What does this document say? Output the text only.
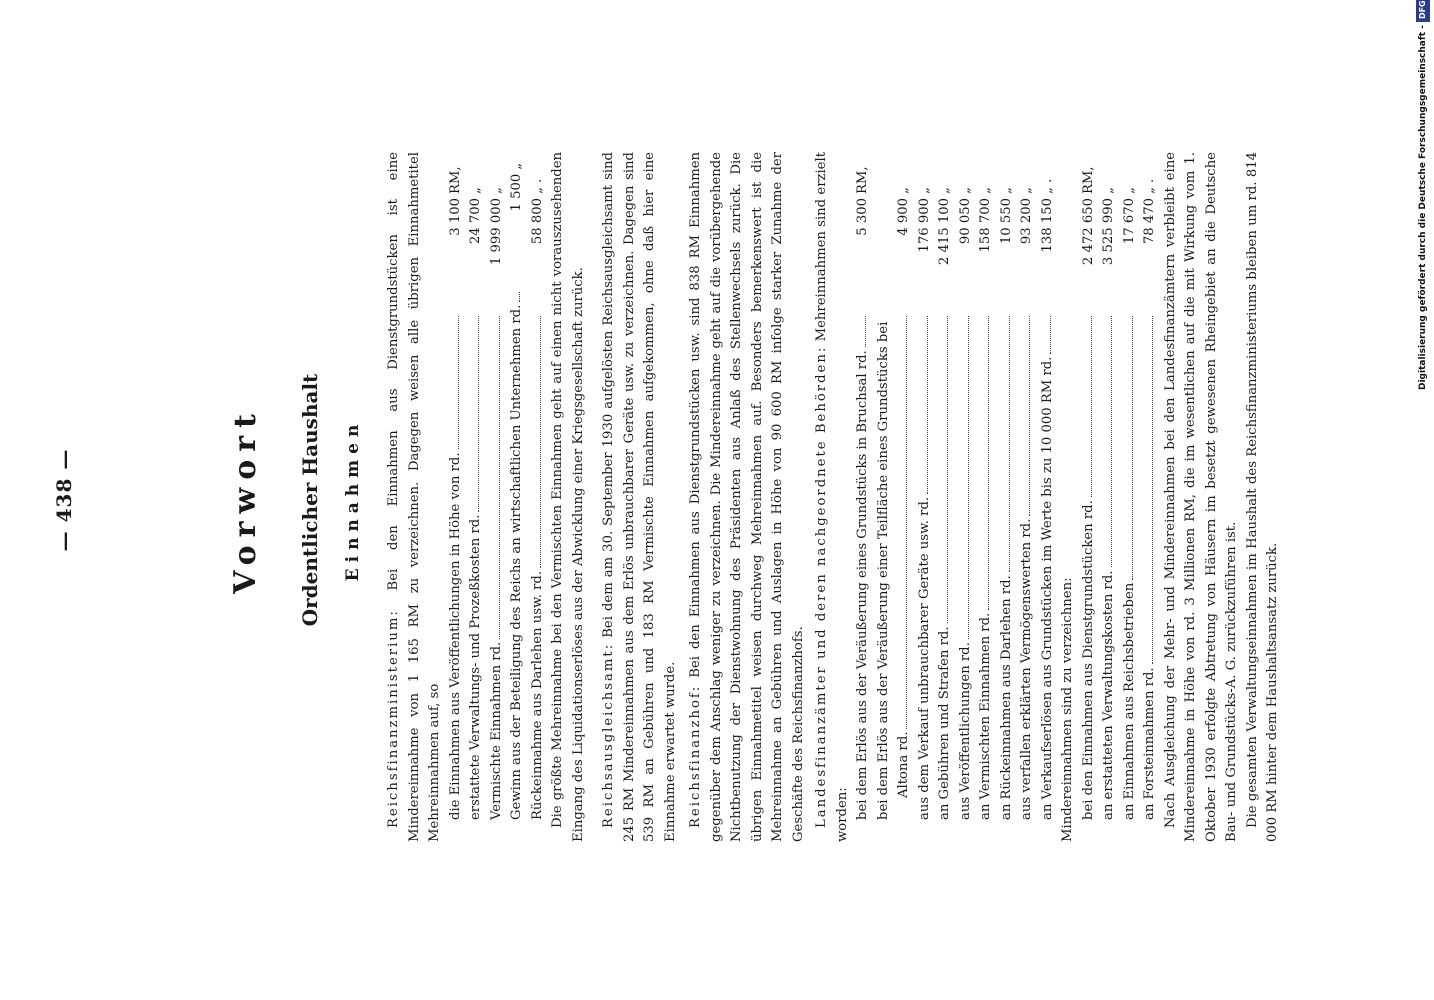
— 438 —	Vorwort Ordentlicher Haushalt Einnahmen

Reichsfinanzministerium: Bei den Einnahmen aus Dienstgrundstücken ist eine Mindereinnahme von 1 165 RM zu verzeichnen. Dagegen weisen alle übrigen Einnahmetitel Mehreinnahmen auf, so die Einnahmen aus Veröffentlichungen in Höhe von rd.
3 100
RM,
erstattete Verwaltungs- und Prozeßkosten rd.
24 700
„
Vermischte Einnahmen rd.
1 999 000
„
Gewinn aus der Beteiligung des Reichs an wirtschaftlichen Unternehmen rd.
1 500
„
Rückeinnahme aus Darlehen usw. rd.
58 800
„ . Die größte Mehreinnahme bei den Vermischten Einnahmen geht auf einen nicht vorauszusehenden Eingang des Liquidationserlöses aus der Abwicklung einer Kriegsgesellschaft zurück. Reichsausgleichsamt: Bei dem am 30. September 1930 aufgelösten Reichsausgleichsamt sind 245 RM Mindereinnahmen aus dem Erlös unbrauchbarer Geräte usw. zu verzeichnen. Dagegen sind 539 RM an Gebühren und 183 RM Vermischte Einnahmen aufgekommen, ohne daß hier eine Einnahme erwartet wurde. Reichsfinanzhof: Bei den Einnahmen aus Dienstgrundstücken usw. sind 838 RM Einnahmen gegenüber dem Anschlag weniger zu verzeichnen. Die Mindereinnahme geht auf die vorübergehende Nichtbenutzung der Dienstwohnung des Präsidenten aus Anlaß des Stellenwechsels zurück. Die übrigen Einnahmetitel weisen durchweg Mehreinnahmen auf. Besonders bemerkenswert ist die Mehreinnahme an Gebühren und Auslagen in Höhe von 90 600 RM infolge starker Zunahme der Geschäfte des Reichsfinanzhofs. Landesfinanzämter und deren nachgeordnete Behörden: Mehreinnahmen sind erzielt worden: bei dem Erlös aus der Veräußerung eines Grundstücks in Bruchsal rd.
5 300
RM,
bei dem Erlös aus der Veräußerung einer Teilfläche eines Grundstücks bei Altona rd.
4 900
„
aus dem Verkauf unbrauchbarer Geräte usw. rd.
176 900
„
an Gebühren und Strafen rd.
2 415 100
„
aus Veröffentlichungen rd.
90 050
„
an Vermischten Einnahmen rd.
158 700
„
an Rückeinnahmen aus Darlehen rd.
10 550
„
aus verfallen erklärten Vermögenswerten rd.
93 200
„
an Verkaufserlösen aus Grundstücken im Werte bis zu 10 000 RM rd.
138 150
„ .

Mindereinnahmen sind zu verzeichnen: bei den Einnahmen aus Dienstgrundstücken rd.
2 472 650
RM,
an erstatteten Verwaltungskosten rd.
3 525 990
„
an Einnahmen aus Reichsbetrieben
17 670
„
an Forsteinnahmen rd.
78 470
„ . Nach Ausgleichung der Mehr- und Mindereinnahmen bei den Landesfinanzämtern verbleibt eine Mindereinnahme in Höhe von rd. 3 Millionen RM, die im wesentlichen auf die mit Wirkung vom 1. Oktober 1930 erfolgte Abtretung von Häusern im besetzt gewesenen Rheingebiet an die Deutsche Bau- und Grundstücks-A. G. zurückzuführen ist. Die gesamten Verwaltungseinnahmen im Haushalt des Reichsfinanzministeriums bleiben um rd. 814 000 RM hinter dem Haushaltsansatz zurück.

Digitalisierung gefördert durch die Deutsche Forschungsgemeinschaft -DFG
